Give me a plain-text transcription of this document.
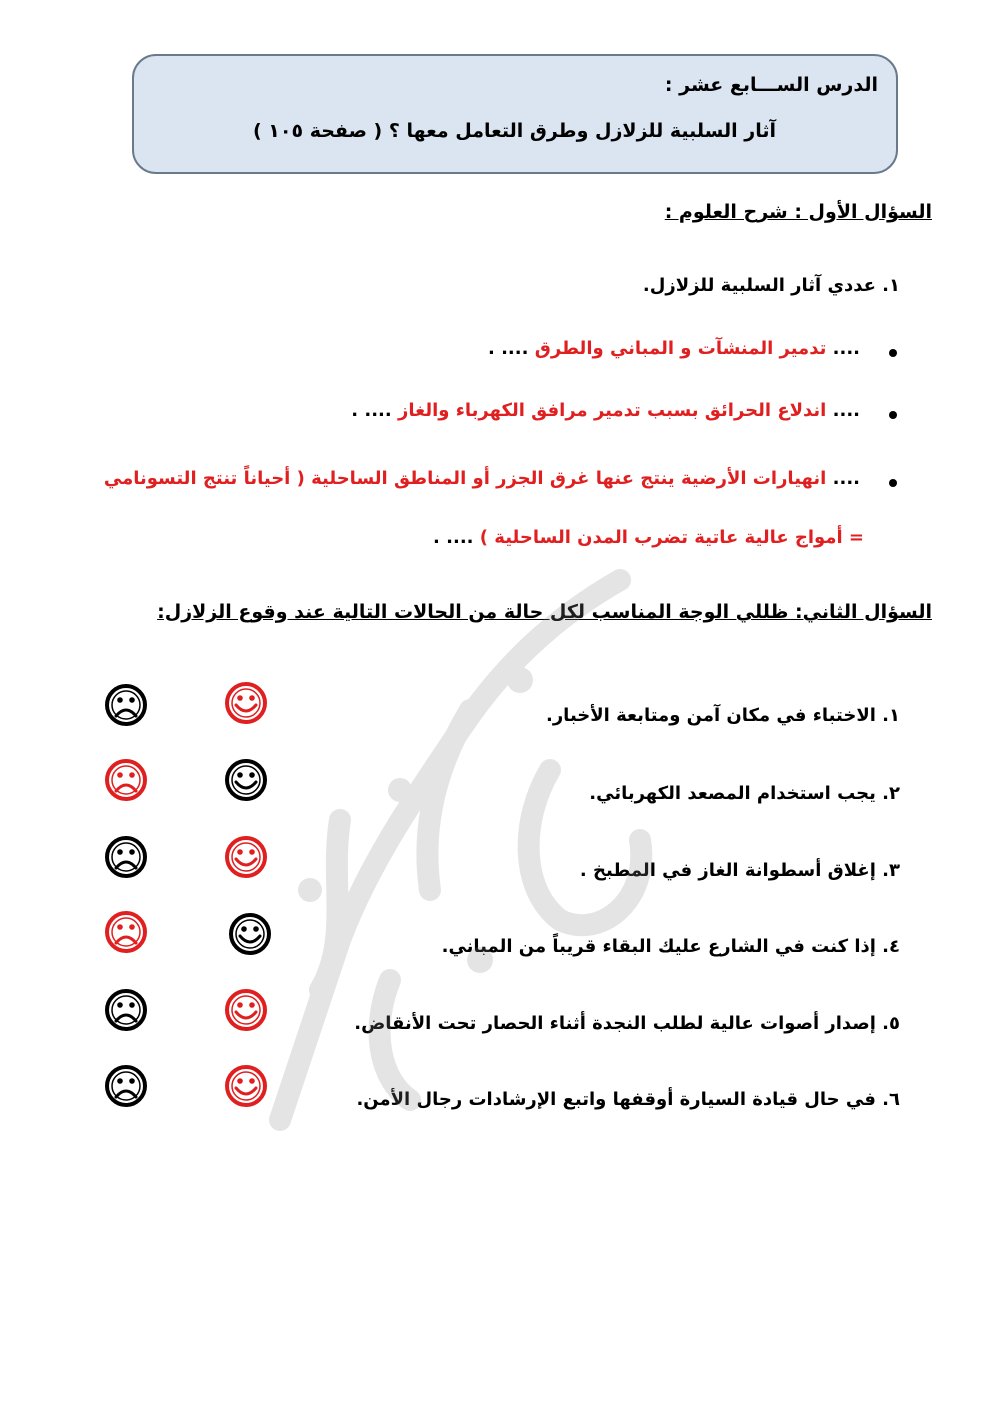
الدرس الســـابع عشر :
آثار السلبية للزلازل وطرق التعامل معها ؟ ( صفحة ١٠٥ )
السؤال الأول : شرح العلوم :
١. عددي آثار السلبية للزلازل.
.... تدمير المنشآت و المباني والطرق .... .
.... اندلاع الحرائق بسبب تدمير مرافق الكهرباء والغاز .... .
.... انهيارات الأرضية ينتج عنها غرق الجزر أو المناطق الساحلية ( أحياناً تنتج التسونامي
= أمواج عالية عاتية تضرب المدن الساحلية ) .... .
السؤال الثاني: ظللي الوجة المناسب لكل حالة من الحالات التالية عند وقوع الزلازل:
١. الاختباء في مكان آمن ومتابعة الأخبار.
٢. يجب استخدام المصعد الكهربائي.
٣. إغلاق أسطوانة الغاز في المطبخ .
٤. إذا كنت في الشارع عليك البقاء قريباً من المباني.
٥. إصدار أصوات عالية لطلب النجدة أثناء الحصار تحت الأنقاض.
٦. في حال قيادة السيارة أوقفها واتبع الإرشادات رجال الأمن.
